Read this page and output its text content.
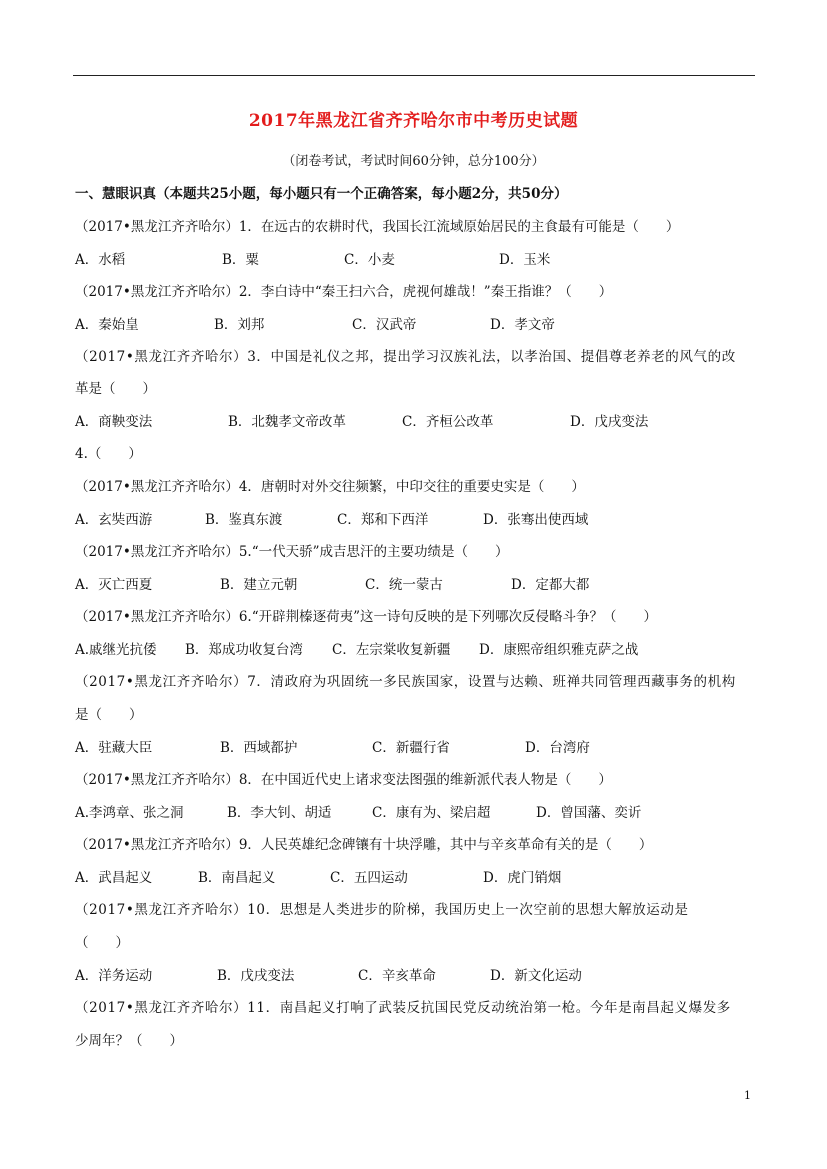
2017年黑龙江省齐齐哈尔市中考历史试题
（闭卷考试，考试时间60分钟，总分100分）
一、慧眼识真（本题共25小题，每小题只有一个正确答案，每小题2分，共50分）
（2017•黑龙江齐齐哈尔）1．在远古的农耕时代，我国长江流域原始居民的主食最有可能是（　　）
A．水稻	B．粟	C．小麦	D．玉米
（2017•黑龙江齐齐哈尔）2．李白诗中“秦王扫六合，虎视何雄哉！”秦王指谁？（　　）
A．秦始皇	B．刘邦	C．汉武帝	D．孝文帝
（2017•黑龙江齐齐哈尔）3．中国是礼仪之邦，提出学习汉族礼法，以孝治国、提倡尊老养老的风气的改
革是（　　）
A．商鞅变法	B．北魏孝文帝改革	C．齐桓公改革	D．戊戌变法
4.（　　）
（2017•黑龙江齐齐哈尔）4．唐朝时对外交往频繁，中印交往的重要史实是（　　）
A．玄奘西游	B．鉴真东渡	C．郑和下西洋	D．张骞出使西域
（2017•黑龙江齐齐哈尔）5.“一代天骄”成吉思汗的主要功绩是（　　）
A．灭亡西夏	B．建立元朝	C．统一蒙古	D．定都大都
（2017•黑龙江齐齐哈尔）6.“开辟荆榛逐荷夷”这一诗句反映的是下列哪次反侵略斗争？（　　）
A.戚继光抗倭 B．郑成功收复台湾 C．左宗棠收复新疆 D．康熙帝组织雅克萨之战
（2017•黑龙江齐齐哈尔）7．清政府为巩固统一多民族国家，设置与达赖、班禅共同管理西藏事务的机构
是（　　）
A．驻藏大臣	B．西域都护	C．新疆行省	D．台湾府
（2017•黑龙江齐齐哈尔）8．在中国近代史上诸求变法图强的维新派代表人物是（　　）
A.李鸿章、张之洞	B．李大钊、胡适	C．康有为、梁启超	D．曾国藩、奕䜣
（2017•黑龙江齐齐哈尔）9．人民英雄纪念碑镶有十块浮雕，其中与辛亥革命有关的是（　　）
A．武昌起义	B．南昌起义	C．五四运动	D．虎门销烟
（2017•黑龙江齐齐哈尔）10．思想是人类进步的阶梯，我国历史上一次空前的思想大解放运动是
（　　）
A．洋务运动	B．戊戌变法	C．辛亥革命	D．新文化运动
（2017•黑龙江齐齐哈尔）11．南昌起义打响了武装反抗国民党反动统治第一枪。今年是南昌起义爆发多
少周年？（　　）
1
